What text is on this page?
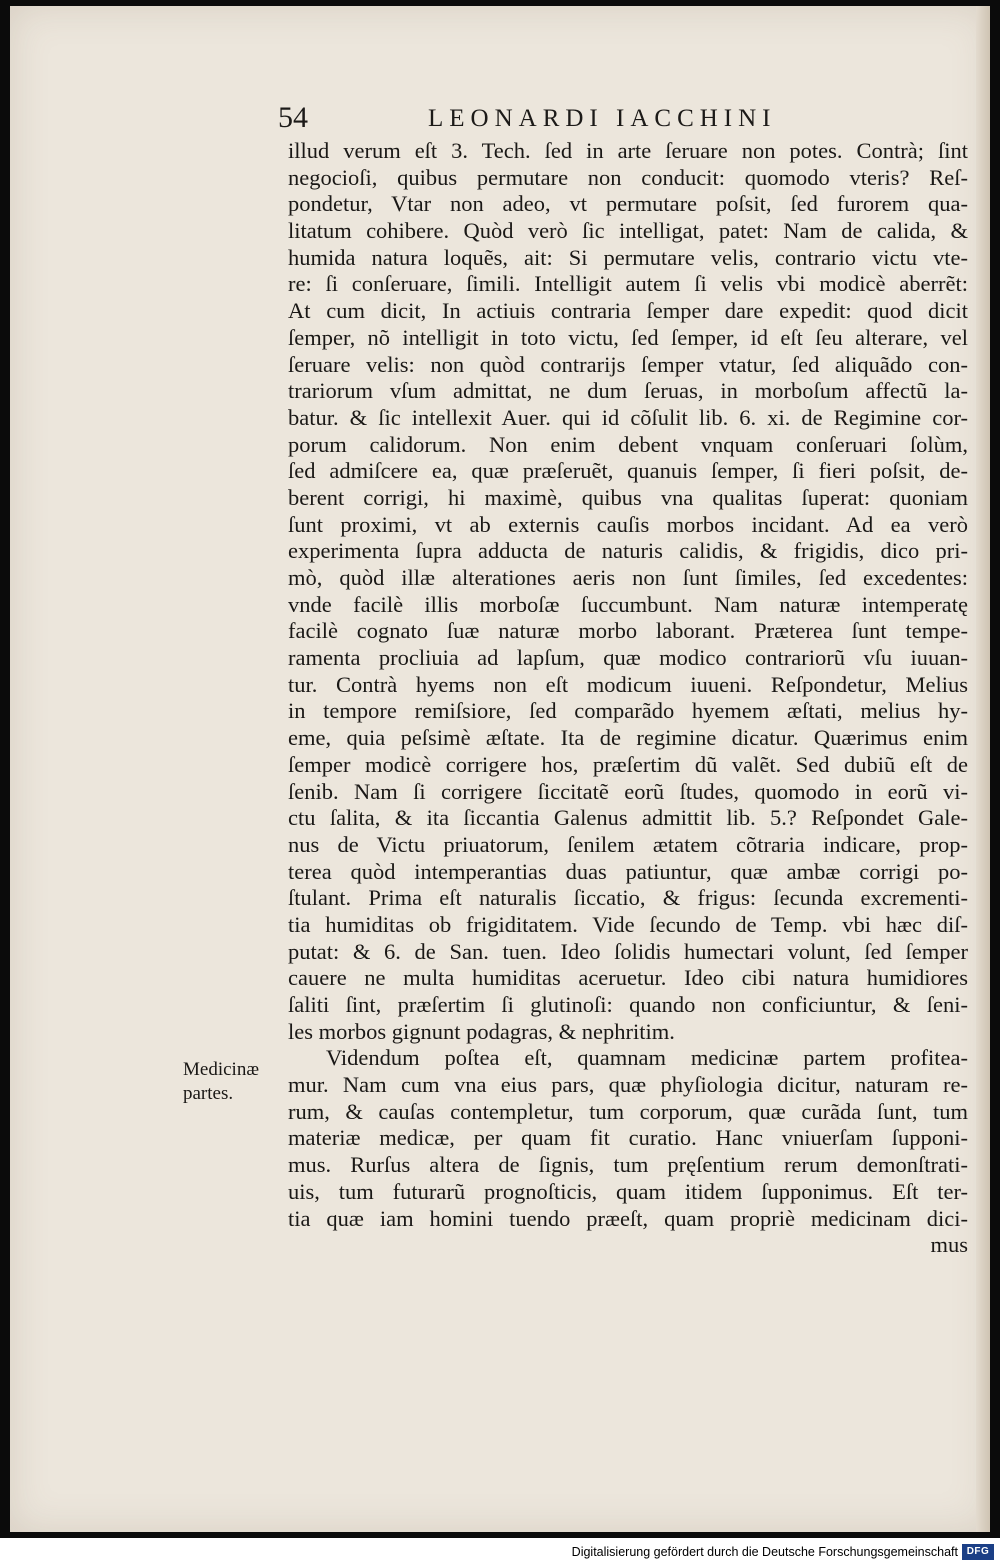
54	LEONARDI IACCHINI
Medicinæ
partes.
illud verum eſt 3. Tech. ſed in arte ſeruare non potes. Contrà; ſint
negocioſi, quibus permutare non conducit: quomodo vteris? Reſ-
pondetur, Vtar non adeo, vt permutare poſsit, ſed furorem qua-
litatum cohibere. Quòd verò ſic intelligat, patet: Nam de calida, &
humida natura loquẽs, ait: Si permutare velis, contrario victu vte-
re: ſi conſeruare, ſimili. Intelligit autem ſi velis vbi modicè aberrẽt:
At cum dicit, In actiuis contraria ſemper dare expedit: quod dicit
ſemper, nõ intelligit in toto victu, ſed ſemper, id eſt ſeu alterare, vel
ſeruare velis: non quòd contrarijs ſemper vtatur, ſed aliquãdo con-
trariorum vſum admittat, ne dum ſeruas, in morboſum affectũ la-
batur. & ſic intellexit Auer. qui id cõſulit lib. 6. xi. de Regimine cor-
porum calidorum. Non enim debent vnquam conſeruari ſolùm,
ſed admiſcere ea, quæ præſeruẽt, quanuis ſemper, ſi fieri poſsit, de-
berent corrigi, hi maximè, quibus vna qualitas ſuperat: quoniam
ſunt proximi, vt ab externis cauſis morbos incidant. Ad ea verò
experimenta ſupra adducta de naturis calidis, & frigidis, dico pri-
mò, quòd illæ alterationes aeris non ſunt ſimiles, ſed excedentes:
vnde facilè illis morboſæ ſuccumbunt. Nam naturæ intemperatę
facilè cognato ſuæ naturæ morbo laborant. Præterea ſunt tempe-
ramenta procliuia ad lapſum, quæ modico contrariorũ vſu iuuan-
tur. Contrà hyems non eſt modicum iuueni. Reſpondetur, Melius
in tempore remiſsiore, ſed comparãdo hyemem æſtati, melius hy-
eme, quia peſsimè æſtate. Ita de regimine dicatur. Quærimus enim
ſemper modicè corrigere hos, præſertim dũ valẽt. Sed dubiũ eſt de
ſenib. Nam ſi corrigere ſiccitatẽ eorũ ſtudes, quomodo in eorũ vi-
ctu ſalita, & ita ſiccantia Galenus admittit lib. 5.? Reſpondet Gale-
nus de Victu priuatorum, ſenilem ætatem cõtraria indicare, prop-
terea quòd intemperantias duas patiuntur, quæ ambæ corrigi po-
ſtulant. Prima eſt naturalis ſiccatio, & frigus: ſecunda excrementi-
tia humiditas ob frigiditatem. Vide ſecundo de Temp. vbi hæc diſ-
putat: & 6. de San. tuen. Ideo ſolidis humectari volunt, ſed ſemper
cauere ne multa humiditas aceruetur. Ideo cibi natura humidiores
ſaliti ſint, præſertim ſi glutinoſi: quando non conficiuntur, & ſeni-
les morbos gignunt podagras, & nephritim.
Videndum poſtea eſt, quamnam medicinæ partem profitea-
mur. Nam cum vna eius pars, quæ phyſiologia dicitur, naturam re-
rum, & cauſas contempletur, tum corporum, quæ curãda ſunt, tum
materiæ medicæ, per quam fit curatio. Hanc vniuerſam ſupponi-
mus. Rurſus altera de ſignis, tum pręſentium rerum demonſtrati-
uis, tum futurarũ prognoſticis, quam itidem ſupponimus. Eſt ter-
tia quæ iam homini tuendo præeſt, quam propriè medicinam dici-
mus
Digitalisierung gefördert durch die Deutsche Forschungsgemeinschaft DFG
